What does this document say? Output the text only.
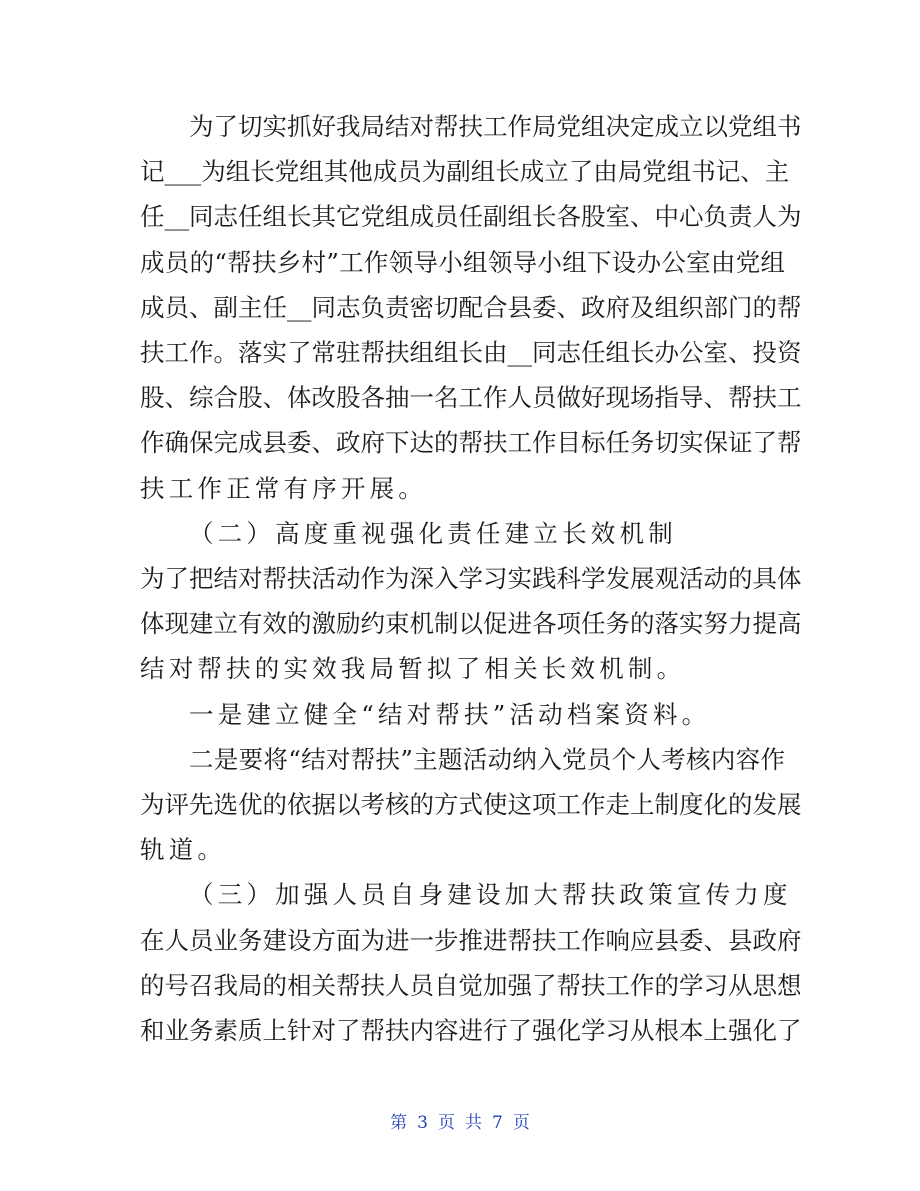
为了切实抓好我局结对帮扶工作局党组决定成立以党组书
记___为组长党组其他成员为副组长成立了由局党组书记、主
任__同志任组长其它党组成员任副组长各股室、中心负责人为
成员的“帮扶乡村”工作领导小组领导小组下设办公室由党组
成员、副主任__同志负责密切配合县委、政府及组织部门的帮
扶工作。落实了常驻帮扶组组长由__同志任组长办公室、投资
股、综合股、体改股各抽一名工作人员做好现场指导、帮扶工
作确保完成县委、政府下达的帮扶工作目标任务切实保证了帮
扶工作正常有序开展。
（二）高度重视强化责任建立长效机制
为了把结对帮扶活动作为深入学习实践科学发展观活动的具体
体现建立有效的激励约束机制以促进各项任务的落实努力提高
结对帮扶的实效我局暂拟了相关长效机制。
一是建立健全“结对帮扶”活动档案资料。
二是要将“结对帮扶”主题活动纳入党员个人考核内容作
为评先选优的依据以考核的方式使这项工作走上制度化的发展
轨道。
（三）加强人员自身建设加大帮扶政策宣传力度
在人员业务建设方面为进一步推进帮扶工作响应县委、县政府
的号召我局的相关帮扶人员自觉加强了帮扶工作的学习从思想
和业务素质上针对了帮扶内容进行了强化学习从根本上强化了
第 3 页 共 7 页
